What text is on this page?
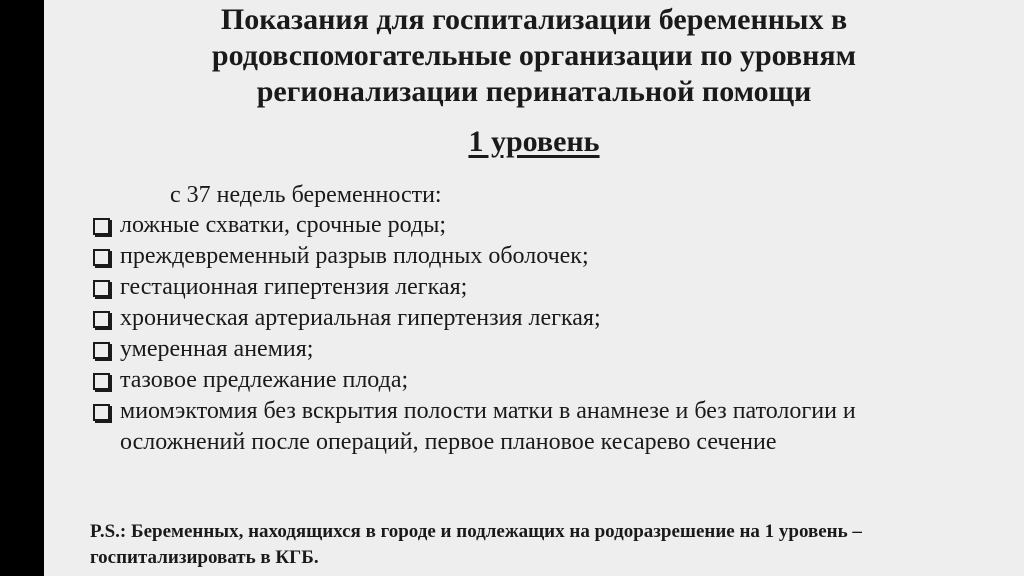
Показания для госпитализации беременных в
родовспомогательные организации по уровням
регионализации перинатальной помощи
1 уровень
с 37 недель беременности:
ложные схватки, срочные роды;
преждевременный разрыв плодных оболочек;
гестационная гипертензия легкая;
хроническая артериальная гипертензия легкая;
умеренная анемия;
тазовое предлежание плода;
миомэктомия без вскрытия полости матки в анамнезе и без патологии и осложнений после операций, первое плановое кесарево сечение
P.S.: Беременных, находящихся в городе и подлежащих на родоразрешение на 1 уровень –
госпитализировать в КГБ.
